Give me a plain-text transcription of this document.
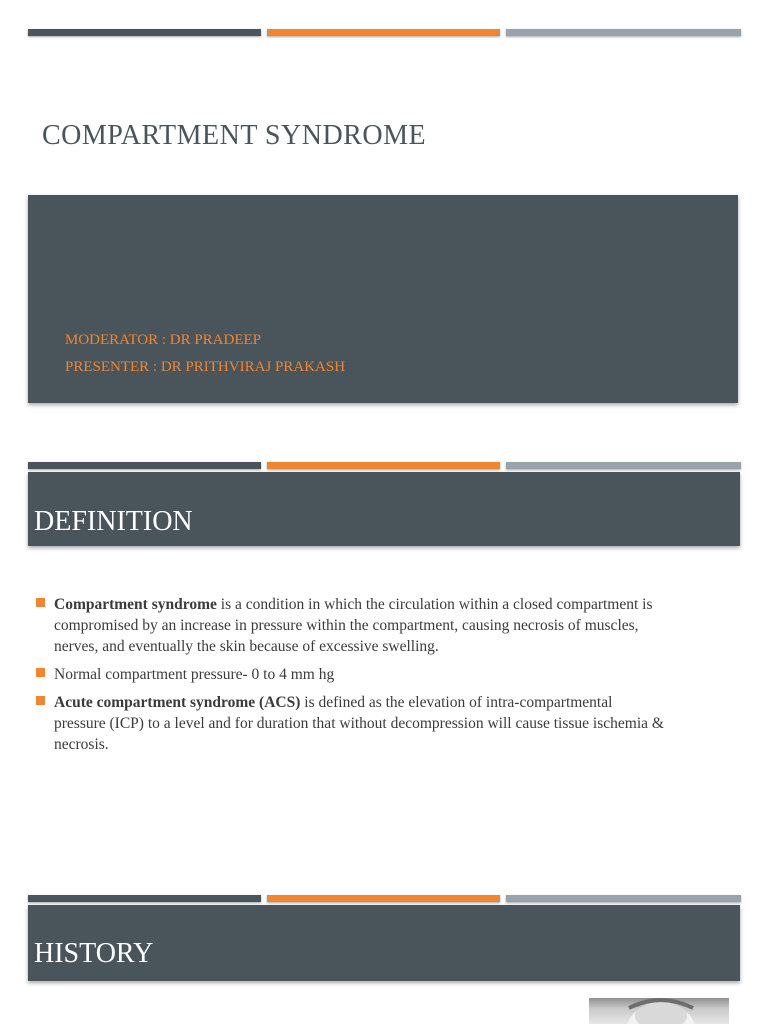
COMPARTMENT SYNDROME

MODERATOR : DR PRADEEP

PRESENTER : DR PRITHVIRAJ PRAKASH

DEFINITION
Compartment syndrome is a condition in which the circulation within a closed compartment is compromised by an increase in pressure within the compartment, causing necrosis of muscles, nerves, and eventually the skin because of excessive swelling.
Normal compartment pressure- 0 to 4 mm hg
Acute compartment syndrome (ACS) is defined as the elevation of intra-compartmental pressure (ICP) to a level and for duration that without decompression will cause tissue ischemia & necrosis.
HISTORY
